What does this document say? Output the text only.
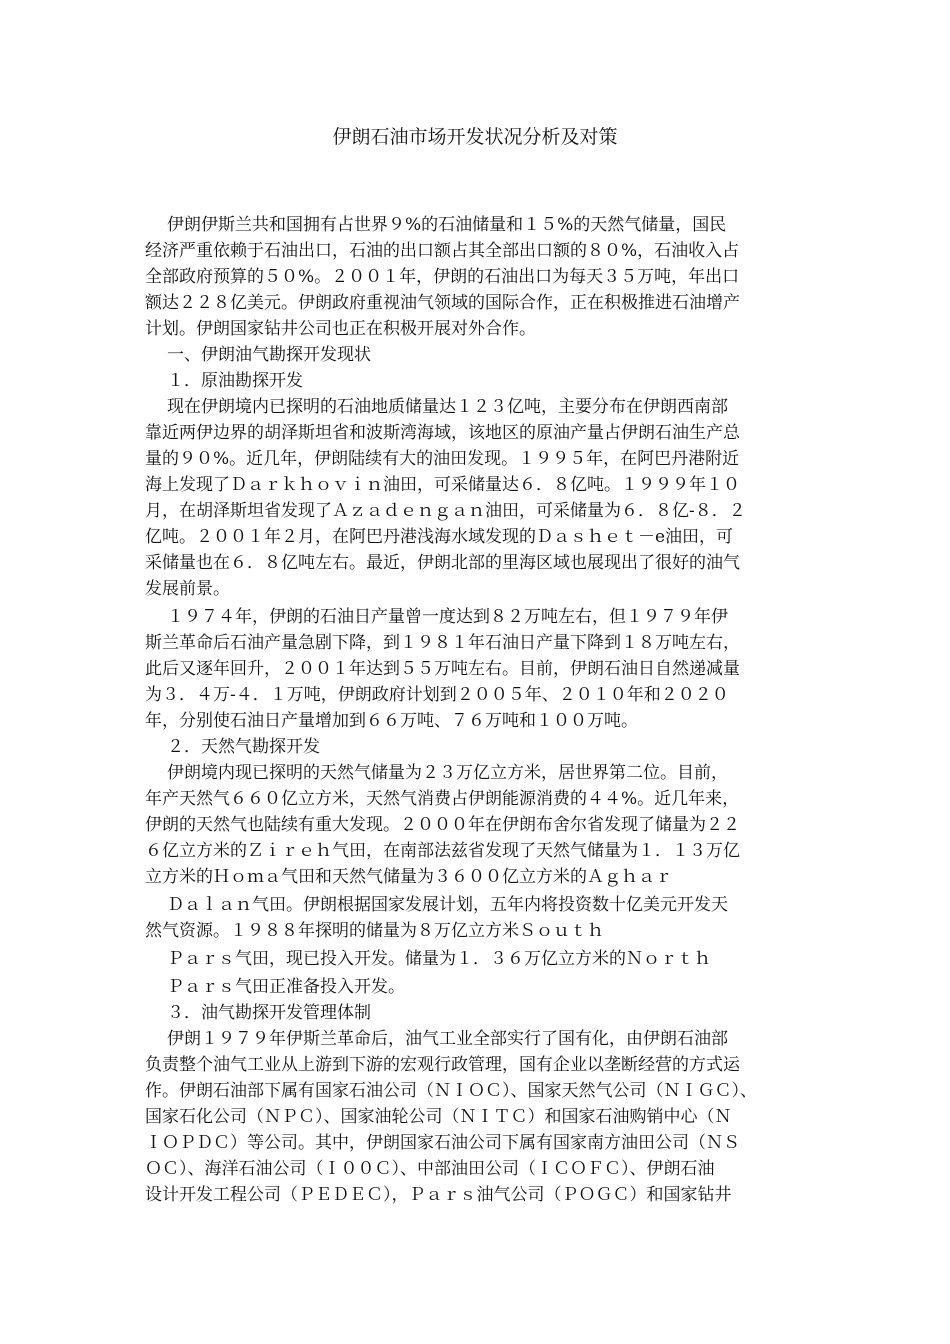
伊朗石油市场开发状况分析及对策
伊朗伊斯兰共和国拥有占世界９%的石油储量和１５%的天然气储量，国民
经济严重依赖于石油出口，石油的出口额占其全部出口额的８０%，石油收入占
全部政府预算的５０%。２００１年，伊朗的石油出口为每天３５万吨，年出口
额达２２８亿美元。伊朗政府重视油气领域的国际合作，正在积极推进石油增产
计划。伊朗国家钻井公司也正在积极开展对外合作。
一、伊朗油气勘探开发现状
１．原油勘探开发
现在伊朗境内已探明的石油地质储量达１２３亿吨，主要分布在伊朗西南部
靠近两伊边界的胡泽斯坦省和波斯湾海域，该地区的原油产量占伊朗石油生产总
量的９０%。近几年，伊朗陆续有大的油田发现。１９９５年，在阿巴丹港附近
海上发现了Ｄａｒｋｈｏｖｉｎ油田，可采储量达６．８亿吨。１９９９年１０
月，在胡泽斯坦省发现了Ａｚａｄｅｎｇａｎ油田，可采储量为６．８亿-８．２
亿吨。２００１年２月，在阿巴丹港浅海水域发现的Ｄａｓｈｅｔ－e油田，可
采储量也在６．８亿吨左右。最近，伊朗北部的里海区域也展现出了很好的油气
发展前景。
１９７４年，伊朗的石油日产量曾一度达到８２万吨左右，但１９７９年伊
斯兰革命后石油产量急剧下降，到１９８１年石油日产量下降到１８万吨左右，
此后又逐年回升，２００１年达到５５万吨左右。目前，伊朗石油日自然递减量
为３．４万-４．１万吨，伊朗政府计划到２００５年、２０１０年和２０２０
年，分别使石油日产量增加到６６万吨、７６万吨和１００万吨。
２．天然气勘探开发
伊朗境内现已探明的天然气储量为２３万亿立方米，居世界第二位。目前，
年产天然气６６０亿立方米，天然气消费占伊朗能源消费的４４%。近几年来，
伊朗的天然气也陆续有重大发现。２０００年在伊朗布舍尔省发现了储量为２２
６亿立方米的Ｚｉｒｅｈ气田，在南部法兹省发现了天然气储量为１．１３万亿
立方米的Ｈｏｍａ气田和天然气储量为３６００亿立方米的Ａｇｈａｒ
Ｄａｌａｎ气田。伊朗根据国家发展计划，五年内将投资数十亿美元开发天
然气资源。１９８８年探明的储量为８万亿立方米Ｓｏｕｔｈ
Ｐａｒｓ气田，现已投入开发。储量为１．３６万亿立方米的Ｎｏｒｔｈ
Ｐａｒｓ气田正准备投入开发。
３．油气勘探开发管理体制
伊朗１９７９年伊斯兰革命后，油气工业全部实行了国有化，由伊朗石油部
负责整个油气工业从上游到下游的宏观行政管理，国有企业以垄断经营的方式运
作。伊朗石油部下属有国家石油公司（ＮＩＯＣ）、国家天然气公司（ＮＩＧＣ）、
国家石化公司（ＮＰＣ）、国家油轮公司（ＮＩＴＣ）和国家石油购销中心（Ｎ
ＩＯＰＤＣ）等公司。其中，伊朗国家石油公司下属有国家南方油田公司（ＮＳ
ＯＣ）、海洋石油公司（Ｉ００Ｃ）、中部油田公司（ＩＣＯＦＣ）、伊朗石油
设计开发工程公司（ＰＥＤＥＣ），Ｐａｒｓ油气公司（ＰＯＧＣ）和国家钻井
